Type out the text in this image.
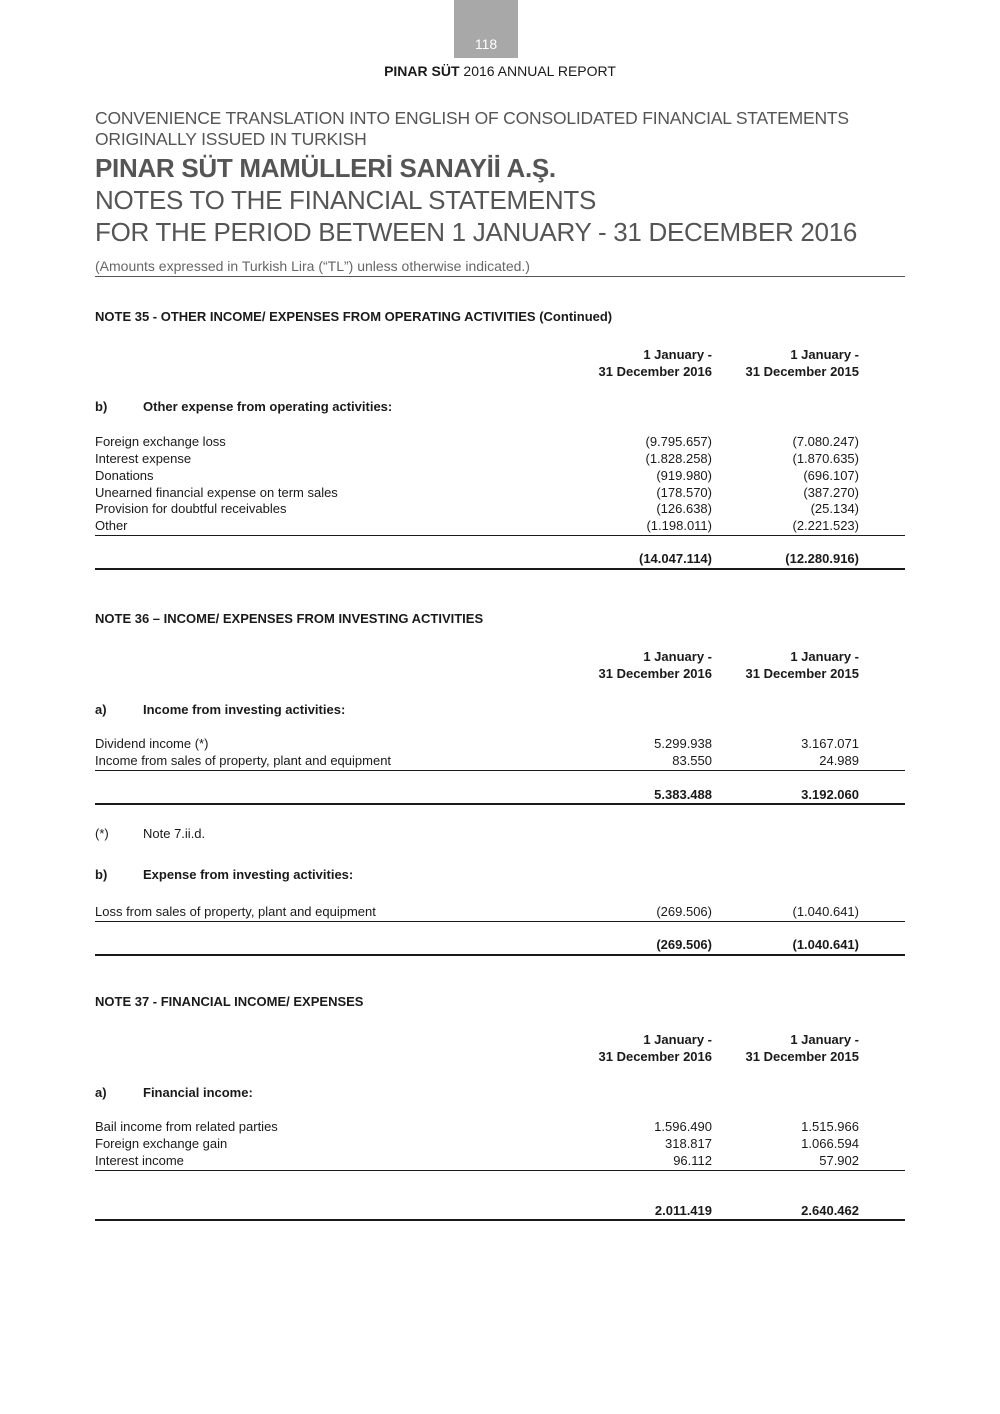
118
PINAR SÜT 2016 ANNUAL REPORT
CONVENIENCE TRANSLATION INTO ENGLISH OF CONSOLIDATED FINANCIAL STATEMENTS
ORIGINALLY ISSUED IN TURKISH
PINAR SÜT MAMÜLLERİ SANAYİİ A.Ş.
NOTES TO THE FINANCIAL STATEMENTS
FOR THE PERIOD BETWEEN 1 JANUARY - 31 DECEMBER 2016
(Amounts expressed in Turkish Lira (“TL”) unless otherwise indicated.)
NOTE 35 - OTHER INCOME/ EXPENSES FROM OPERATING ACTIVITIES (Continued)
1 January -
31 December 2016
1 January -
31 December 2015
b)	Other expense from operating activities:
Foreign exchange loss	(9.795.657)	(7.080.247)
Interest expense	(1.828.258)	(1.870.635)
Donations	(919.980)	(696.107)
Unearned financial expense on term sales	(178.570)	(387.270)
Provision for doubtful receivables	(126.638)	(25.134)
Other	(1.198.011)	(2.221.523)
(14.047.114)	(12.280.916)
NOTE 36 – INCOME/ EXPENSES FROM INVESTING ACTIVITIES
1 January -
31 December 2016
1 January -
31 December 2015
a)	Income from investing activities:
Dividend income (*)	5.299.938	3.167.071
Income from sales of property, plant and equipment	83.550	24.989
5.383.488	3.192.060
(*)	Note 7.ii.d.
b)	Expense from investing activities:
Loss from sales of property, plant and equipment	(269.506)	(1.040.641)
(269.506)	(1.040.641)
NOTE 37 - FINANCIAL INCOME/ EXPENSES
1 January -
31 December 2016
1 January -
31 December 2015
a)	Financial income:
Bail income from related parties	1.596.490	1.515.966
Foreign exchange gain	318.817	1.066.594
Interest income	96.112	57.902
2.011.419	2.640.462
